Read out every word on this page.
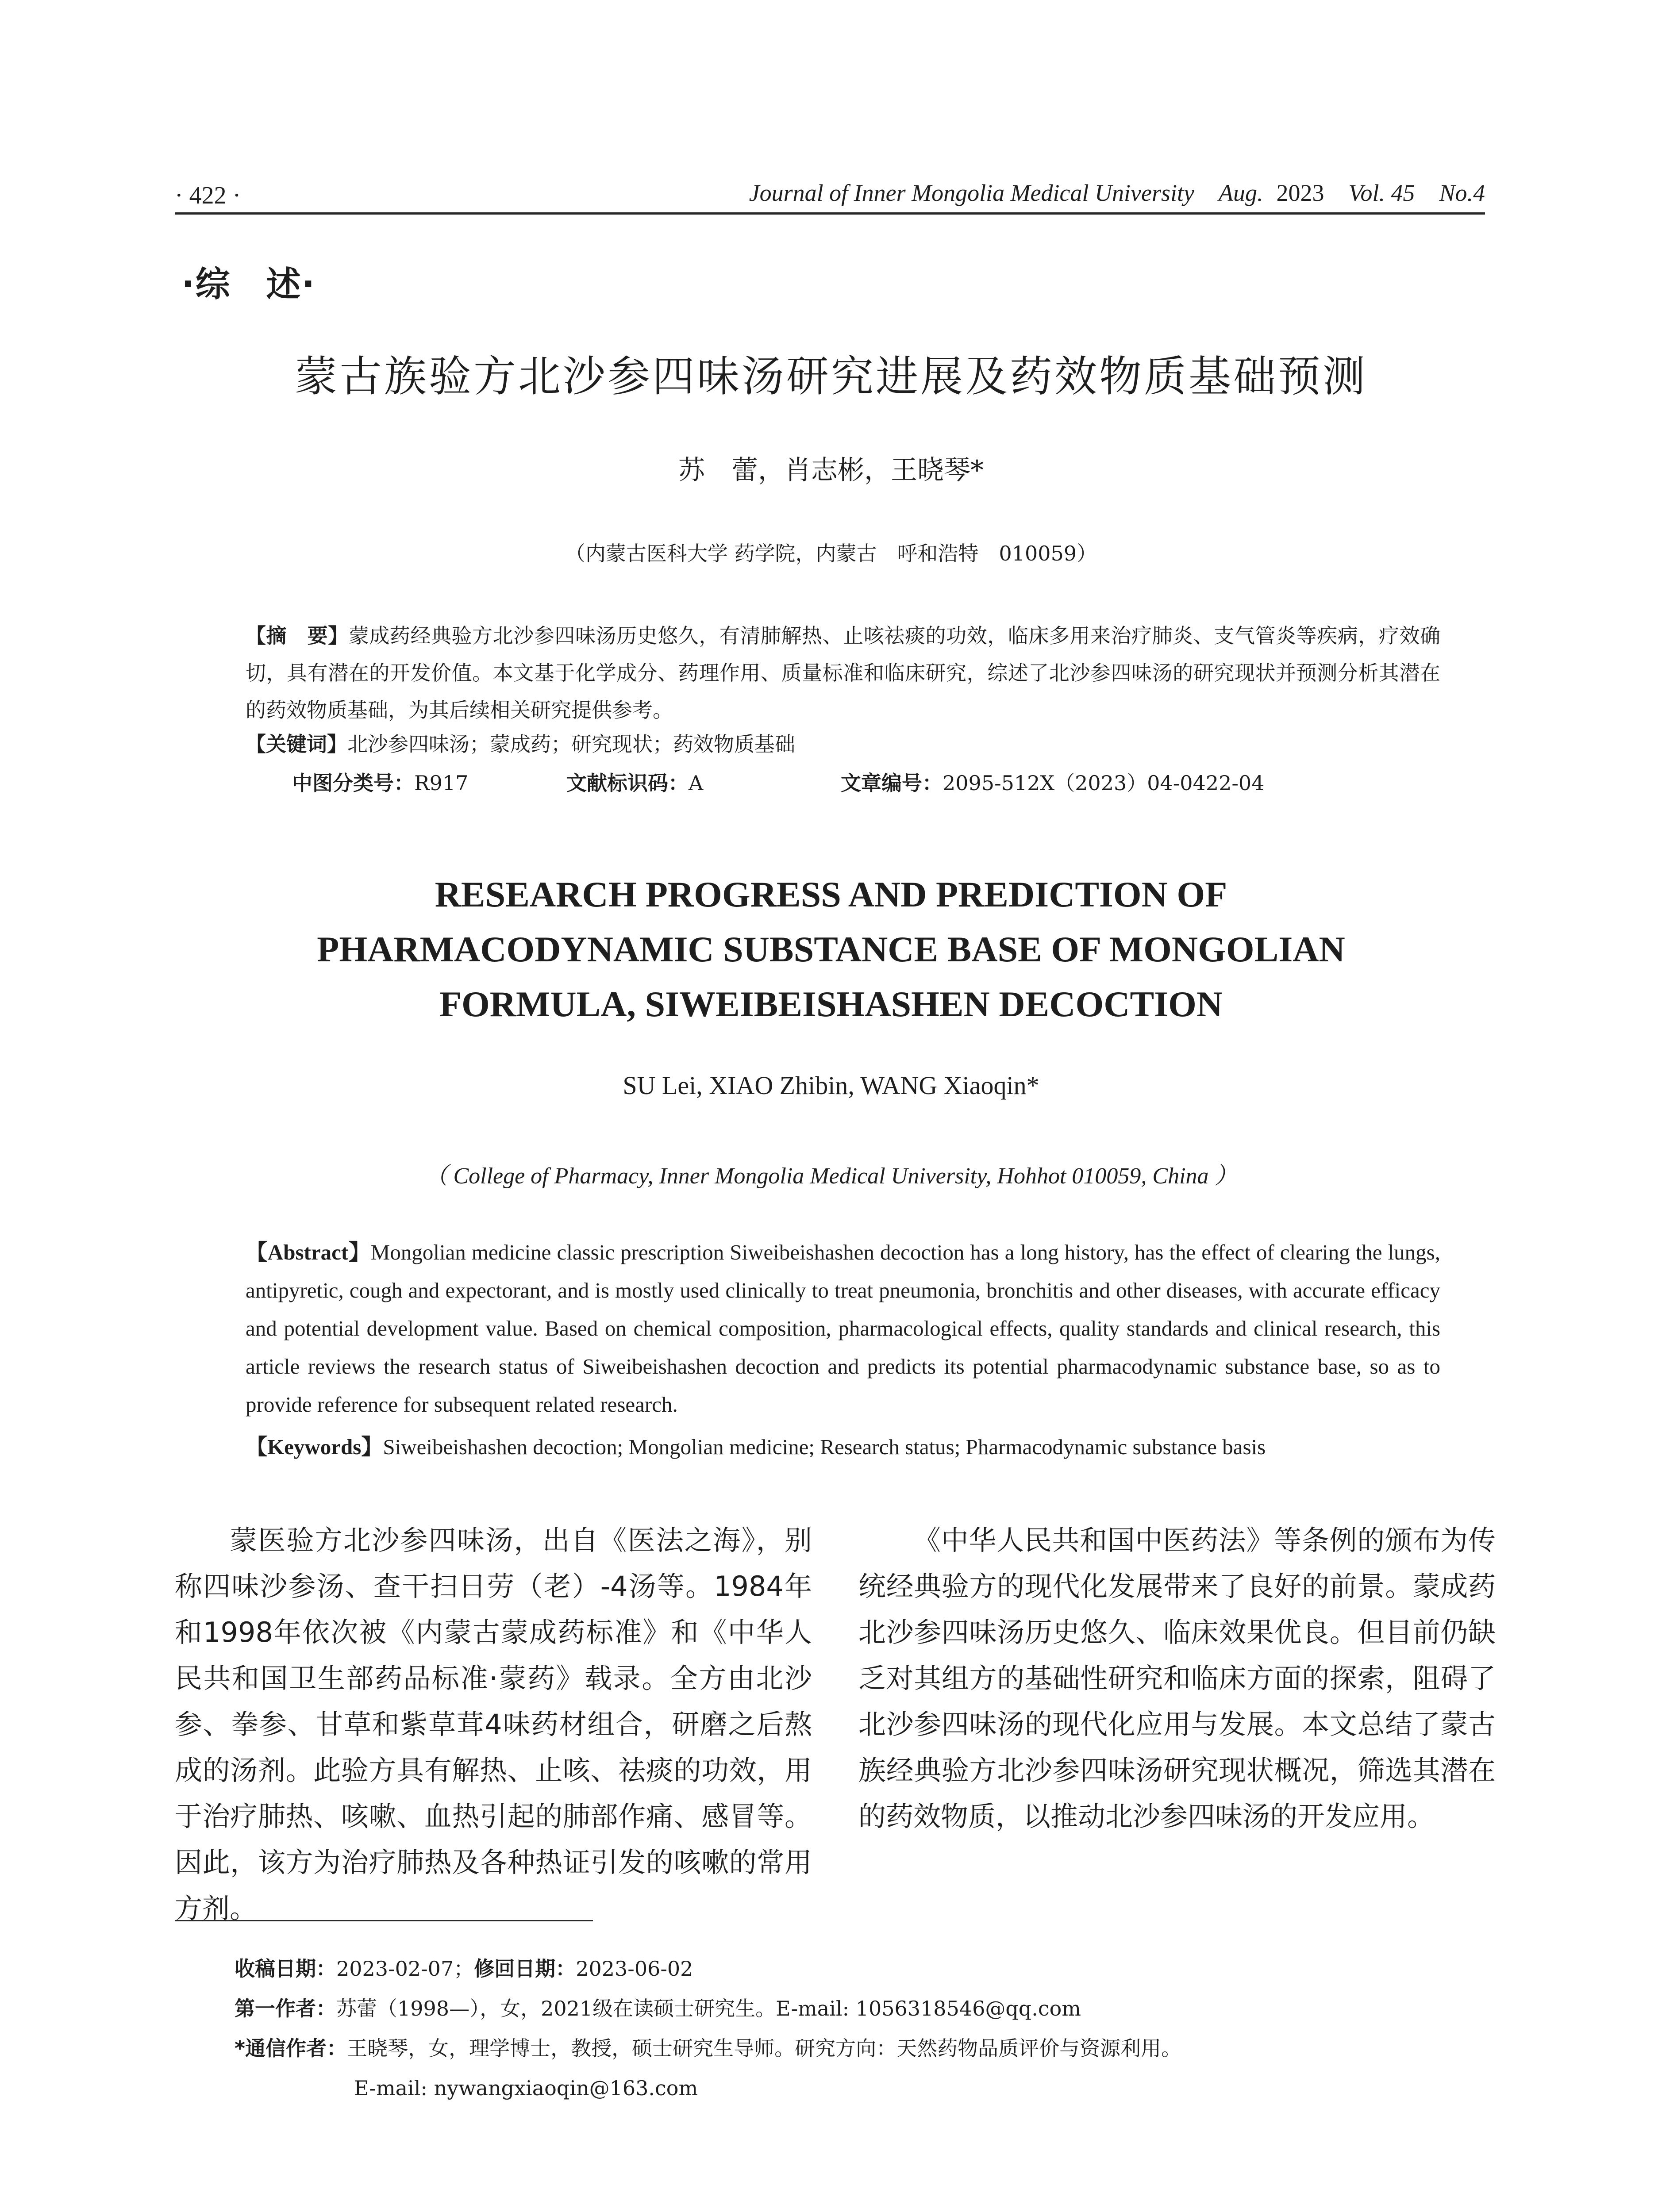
· 422 ·	Journal of Inner Mongolia Medical University Aug. 2023 Vol. 45 No.4
·综　述·
蒙古族验方北沙参四味汤研究进展及药效物质基础预测
苏　蕾，肖志彬，王晓琴*
（内蒙古医科大学 药学院，内蒙古　呼和浩特　010059）
【摘　要】蒙成药经典验方北沙参四味汤历史悠久，有清肺解热、止咳祛痰的功效，临床多用来治疗肺炎、支气管炎等疾病，疗效确切，具有潜在的开发价值。本文基于化学成分、药理作用、质量标准和临床研究，综述了北沙参四味汤的研究现状并预测分析其潜在的药效物质基础，为其后续相关研究提供参考。
【关键词】北沙参四味汤；蒙成药；研究现状；药效物质基础
中图分类号：R917	文献标识码：A	文章编号：2095-512X（2023）04-0422-04
RESEARCH PROGRESS AND PREDICTION OF
PHARMACODYNAMIC SUBSTANCE BASE OF MONGOLIAN
FORMULA, SIWEIBEISHASHEN DECOCTION
SU Lei, XIAO Zhibin, WANG Xiaoqin*
（ College of Pharmacy, Inner Mongolia Medical University, Hohhot 010059, China ）
【Abstract】Mongolian medicine classic prescription Siweibeishashen decoction has a long history, has the effect of clearing the lungs, antipyretic, cough and expectorant, and is mostly used clinically to treat pneumonia, bronchitis and other diseases, with accurate efficacy and potential development value. Based on chemical composition, pharmacological effects, quality standards and clinical research, this article reviews the research status of Siweibeishashen decoction and predicts its potential pharmacodynamic substance base, so as to provide reference for subsequent related research.
【Keywords】Siweibeishashen decoction; Mongolian medicine; Research status; Pharmacodynamic substance basis

蒙医验方北沙参四味汤，出自《医法之海》，别称四味沙参汤、查干扫日劳（老）-4汤等。1984年和1998年依次被《内蒙古蒙成药标准》和《中华人民共和国卫生部药品标准·蒙药》载录。全方由北沙参、拳参、甘草和紫草茸4味药材组合，研磨之后熬成的汤剂。此验方具有解热、止咳、祛痰的功效，用于治疗肺热、咳嗽、血热引起的肺部作痛、感冒等。因此，该方为治疗肺热及各种热证引发的咳嗽的常用方剂。

《中华人民共和国中医药法》等条例的颁布为传统经典验方的现代化发展带来了良好的前景。蒙成药北沙参四味汤历史悠久、临床效果优良。但目前仍缺乏对其组方的基础性研究和临床方面的探索，阻碍了北沙参四味汤的现代化应用与发展。本文总结了蒙古族经典验方北沙参四味汤研究现状概况，筛选其潜在的药效物质，以推动北沙参四味汤的开发应用。

收稿日期：2023-02-07；修回日期：2023-06-02
第一作者：苏蕾（1998—），女，2021级在读硕士研究生。E-mail: 1056318546@qq.com
*通信作者：王晓琴，女，理学博士，教授，硕士研究生导师。研究方向：天然药物品质评价与资源利用。
E-mail: nywangxiaoqin@163.com
